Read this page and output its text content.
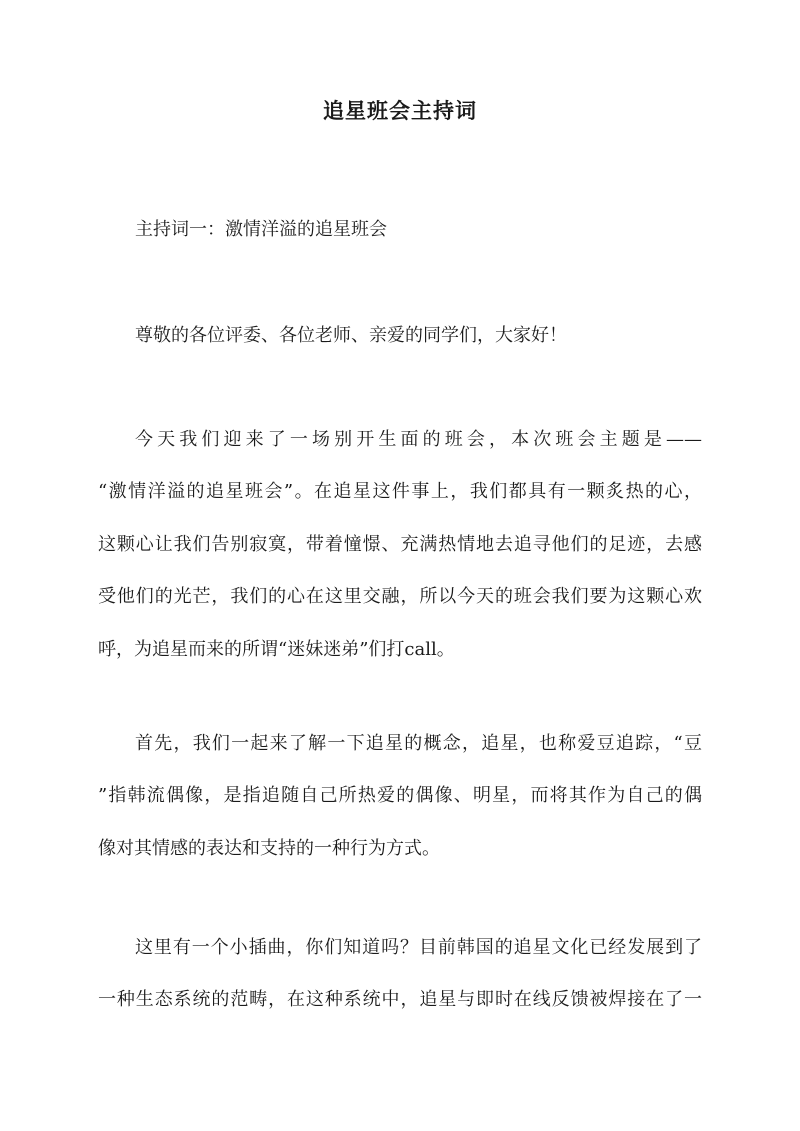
追星班会主持词
主持词一：激情洋溢的追星班会
尊敬的各位评委、各位老师、亲爱的同学们，大家好！
今天我们迎来了一场别开生面的班会，本次班会主题是——
“激情洋溢的追星班会”。在追星这件事上，我们都具有一颗炙热的心，
这颗心让我们告别寂寞，带着憧憬、充满热情地去追寻他们的足迹，去感
受他们的光芒，我们的心在这里交融，所以今天的班会我们要为这颗心欢
呼，为追星而来的所谓“迷妹迷弟”们打call。
首先，我们一起来了解一下追星的概念，追星，也称爱豆追踪，“豆
”指韩流偶像，是指追随自己所热爱的偶像、明星，而将其作为自己的偶
像对其情感的表达和支持的一种行为方式。
这里有一个小插曲，你们知道吗？目前韩国的追星文化已经发展到了
一种生态系统的范畴，在这种系统中，追星与即时在线反馈被焊接在了一
